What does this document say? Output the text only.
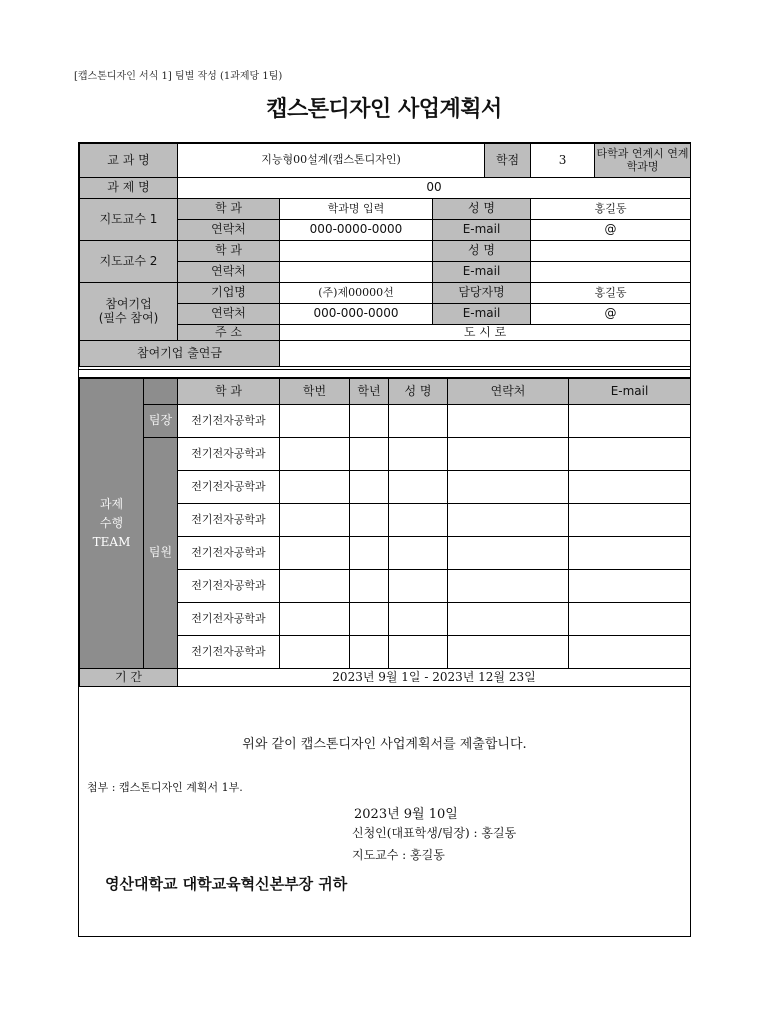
[캡스톤디자인 서식 1] 팀별 작성 (1과제당 1팀)
캡스톤디자인 사업계획서
교 과 명	지능형00설계(캡스톤디자인)	학점	3	타학과 연계시 연계 학과명	
과 제 명	00			
지도교수 1	학 과	학과명 입력	성 명	홍길동
	연락처	000-0000-0000	E-mail	@
지도교수 2	학 과		성 명	
	연락처		E-mail	

참여기업
(필수 참여)	기업명	(주)제00000선	담당자명	홍길동
	연락처	000-000-0000	E-mail	@
	주 소	도 시 로		
참여기업 출연금				
과제
수행
TEAM		학 과	학번	학년	성 명	연락처	E-mail
	팀장	전기전자공학과					
	팀원	전기전자공학과					
		전기전자공학과					
		전기전자공학과					
		전기전자공학과					
		전기전자공학과					
		전기전자공학과					
		전기전자공학과					
기 간		2023년 9월 1일 - 2023년 12월 23일					
위와 같이 캡스톤디자인 사업계획서를 제출합니다.
첨부 : 캡스톤디자인 계획서 1부.
2023년 9월 10일
신청인(대표학생/팀장) : 홍길동
지도교수 : 홍길동
영산대학교 대학교육혁신본부장 귀하
